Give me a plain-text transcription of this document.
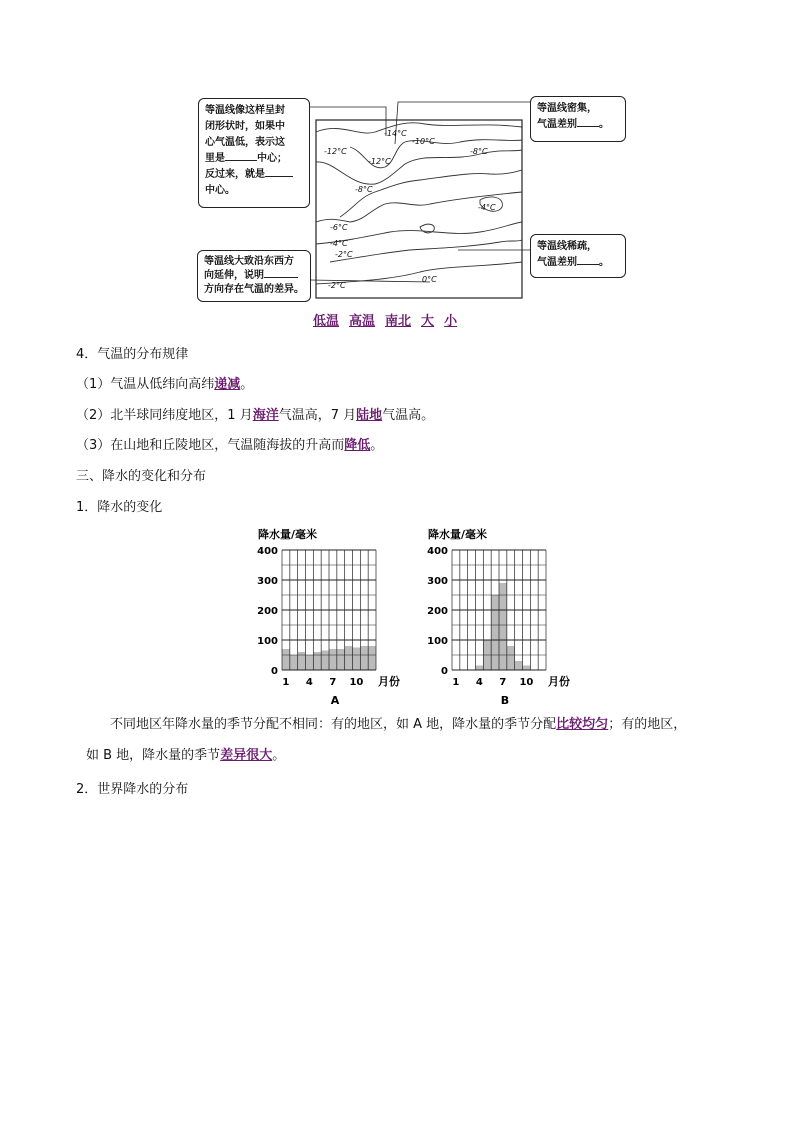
-14°C
-12°C
-12°C
-10°C
-8°C
-8°C
-6°C
-4°C
-4°C
-2°C
-2°C
0°C
等温线像这样呈封
闭形状时，如果中
心气温低，表示这
里是	中心；
反过来，就是
中心。
等温线密集，
气温差别 。
等温线大致沿东西方
向延伸，说明
方向存在气温的差异。
等温线稀疏，
气温差别 。
低温 高温 南北 大 小
4．气温的分布规律
（1）气温从低纬向高纬递减。
（2）北半球同纬度地区，1 月海洋气温高，7 月陆地气温高。
（3）在山地和丘陵地区，气温随海拔的升高而降低。
三、降水的变化和分布
1．降水的变化
降水量/毫米
400
300
200
100
0
1 4 7 10 月份
A
降水量/毫米
400
300
200
100
0
1 4 7 10 月份
B
不同地区年降水量的季节分配不相同：有的地区，如 A 地，降水量的季节分配比较均匀；有的地区，
如 B 地，降水量的季节差异很大。
2．世界降水的分布
